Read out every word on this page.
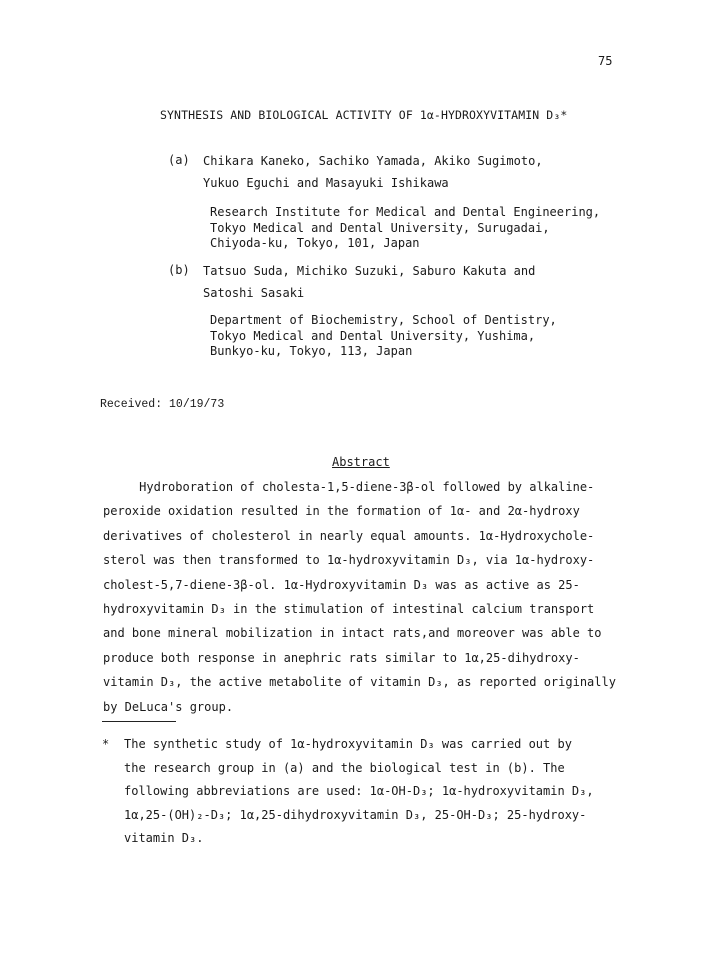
75
SYNTHESIS AND BIOLOGICAL ACTIVITY OF 1α-HYDROXYVITAMIN D₃*
(a) Chikara Kaneko, Sachiko Yamada, Akiko Sugimoto,
Yukuo Eguchi and Masayuki Ishikawa
Research Institute for Medical and Dental Engineering,
Tokyo Medical and Dental University, Surugadai,
Chiyoda-ku, Tokyo, 101, Japan
(b) Tatsuo Suda, Michiko Suzuki, Saburo Kakuta and
Satoshi Sasaki
Department of Biochemistry, School of Dentistry,
Tokyo Medical and Dental University, Yushima,
Bunkyo-ku, Tokyo, 113, Japan
Received: 10/19/73
Abstract
Hydroboration of cholesta-1,5-diene-3β-ol followed by alkaline-
peroxide oxidation resulted in the formation of 1α- and 2α-hydroxy
derivatives of cholesterol in nearly equal amounts. 1α-Hydroxychole-
sterol was then transformed to 1α-hydroxyvitamin D₃, via 1α-hydroxy-
cholest-5,7-diene-3β-ol. 1α-Hydroxyvitamin D₃ was as active as 25-
hydroxyvitamin D₃ in the stimulation of intestinal calcium transport
and bone mineral mobilization in intact rats,and moreover was able to
produce both response in anephric rats similar to 1α,25-dihydroxy-
vitamin D₃, the active metabolite of vitamin D₃, as reported originally
by DeLuca's group.
* The synthetic study of 1α-hydroxyvitamin D₃ was carried out by
the research group in (a) and the biological test in (b). The
following abbreviations are used: 1α-OH-D₃; 1α-hydroxyvitamin D₃,
1α,25-(OH)₂-D₃; 1α,25-dihydroxyvitamin D₃, 25-OH-D₃; 25-hydroxy-
vitamin D₃.
